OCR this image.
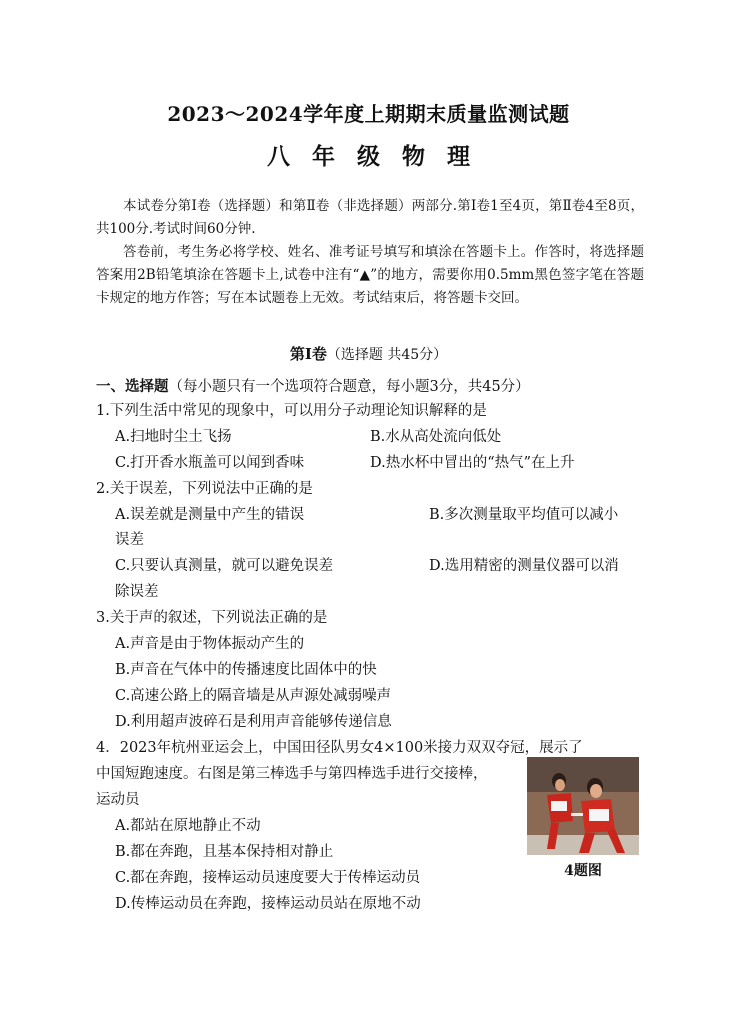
2023～2024学年度上期期末质量监测试题
八年级物理

本试卷分第Ⅰ卷（选择题）和第Ⅱ卷（非选择题）两部分.第Ⅰ卷1至4页，第Ⅱ卷4至8页，共100分.考试时间60分钟.

答卷前，考生务必将学校、姓名、准考证号填写和填涂在答题卡上。作答时，将选择题答案用2B铅笔填涂在答题卡上,试卷中注有“▲”的地方，需要你用0.5mm黑色签字笔在答题卡规定的地方作答；写在本试题卷上无效。考试结束后，将答题卡交回。

第Ⅰ卷（选择题 共45分）
一、选择题（每小题只有一个选项符合题意，每小题3分，共45分）
1.下列生活中常见的现象中，可以用分子动理论知识解释的是
A.扫地时尘土飞扬	B.水从高处流向低处
C.打开香水瓶盖可以闻到香味	D.热水杯中冒出的“热气”在上升
2.关于误差，下列说法中正确的是
A.误差就是测量中产生的错误	B.多次测量取平均值可以减小
误差
C.只要认真测量，就可以避免误差	D.选用精密的测量仪器可以消
除误差
3.关于声的叙述，下列说法正确的是
A.声音是由于物体振动产生的
B.声音在气体中的传播速度比固体中的快
C.高速公路上的隔音墙是从声源处减弱噪声
D.利用超声波碎石是利用声音能够传递信息
4．2023年杭州亚运会上，中国田径队男女4×100米接力双双夺冠，展示了
中国短跑速度。右图是第三棒选手与第四棒选手进行交接棒，
运动员
A.都站在原地静止不动
B.都在奔跑，且基本保持相对静止
C.都在奔跑，接棒运动员速度要大于传棒运动员
D.传棒运动员在奔跑，接棒运动员站在原地不动
4题图
